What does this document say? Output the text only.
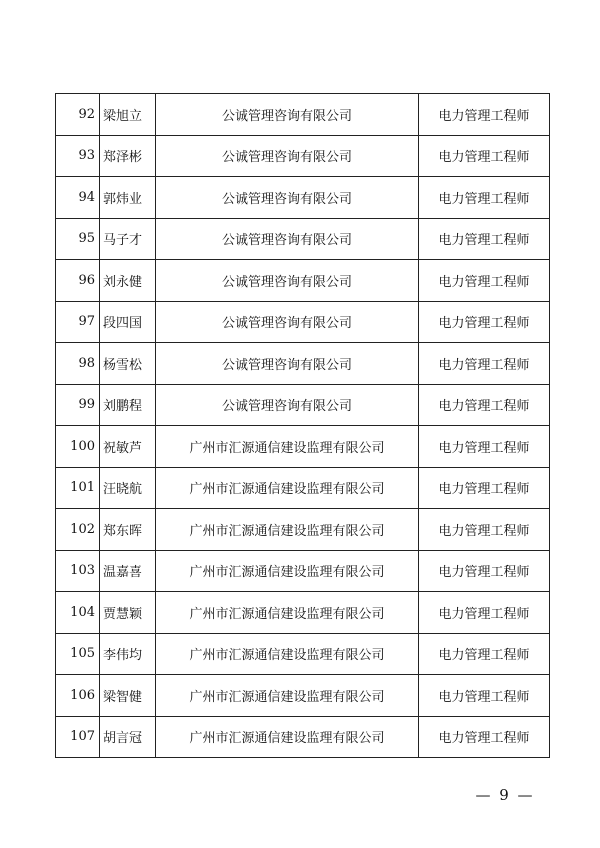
92	梁旭立	公诚管理咨询有限公司	电力管理工程师
93	郑泽彬	公诚管理咨询有限公司	电力管理工程师
94	郭炜业	公诚管理咨询有限公司	电力管理工程师
95	马子才	公诚管理咨询有限公司	电力管理工程师
96	刘永健	公诚管理咨询有限公司	电力管理工程师
97	段四国	公诚管理咨询有限公司	电力管理工程师
98	杨雪松	公诚管理咨询有限公司	电力管理工程师
99	刘鹏程	公诚管理咨询有限公司	电力管理工程师
100	祝敏芦	广州市汇源通信建设监理有限公司	电力管理工程师
101	汪晓航	广州市汇源通信建设监理有限公司	电力管理工程师
102	郑东晖	广州市汇源通信建设监理有限公司	电力管理工程师
103	温嘉喜	广州市汇源通信建设监理有限公司	电力管理工程师
104	贾慧颖	广州市汇源通信建设监理有限公司	电力管理工程师
105	李伟均	广州市汇源通信建设监理有限公司	电力管理工程师
106	梁智健	广州市汇源通信建设监理有限公司	电力管理工程师
107	胡言冠	广州市汇源通信建设监理有限公司	电力管理工程师
— 9 —
